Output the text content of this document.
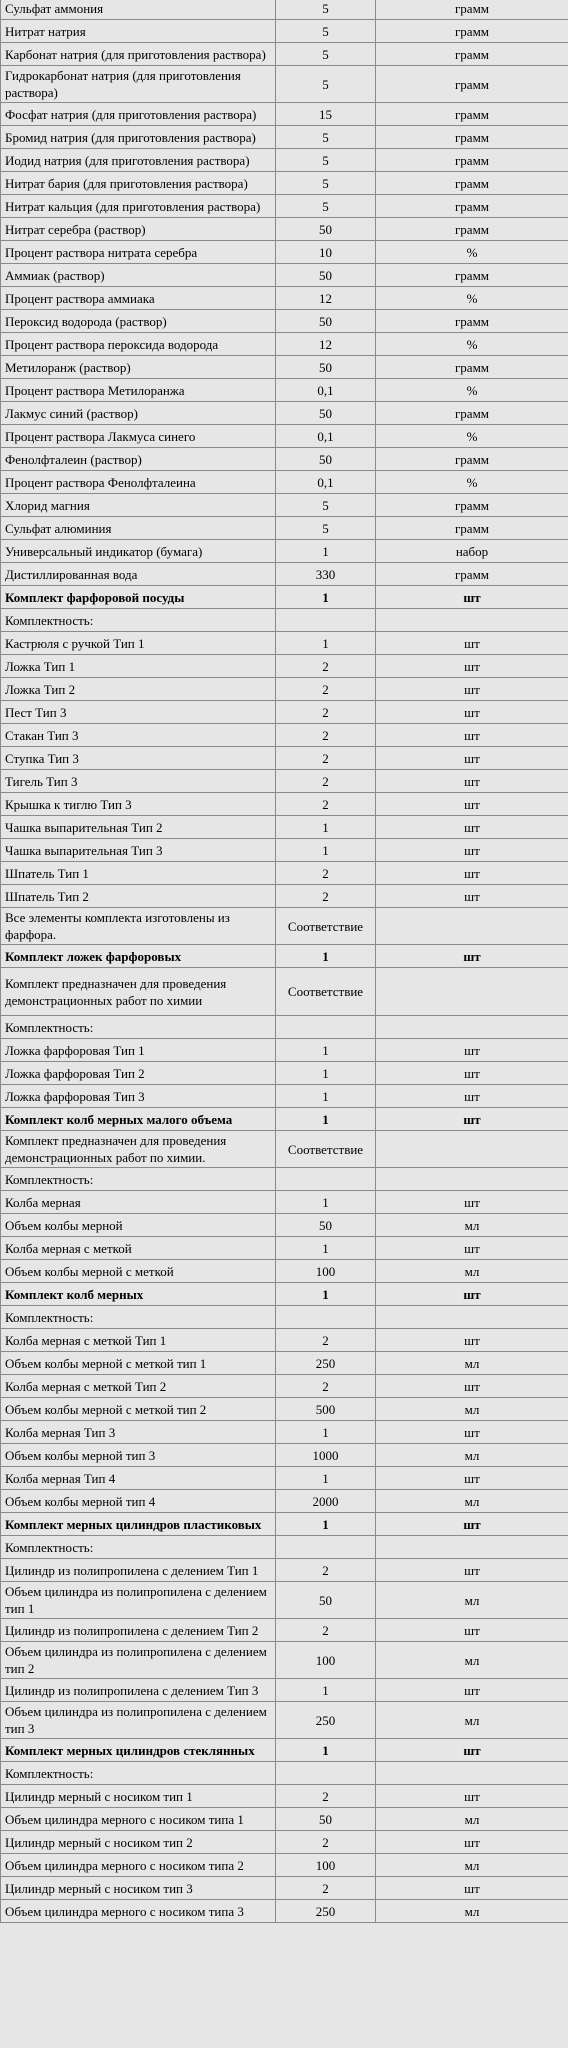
Сульфат аммония	5	грамм
Нитрат натрия	5	грамм
Карбонат натрия (для приготовления раствора)	5	грамм
Гидрокарбонат натрия (для приготовления раствора)	5	грамм
Фосфат натрия (для приготовления раствора)	15	грамм
Бромид натрия (для приготовления раствора)	5	грамм
Иодид натрия (для приготовления раствора)	5	грамм
Нитрат бария (для приготовления раствора)	5	грамм
Нитрат кальция (для приготовления раствора)	5	грамм
Нитрат серебра (раствор)	50	грамм
Процент раствора нитрата серебра	10	%
Аммиак (раствор)	50	грамм
Процент раствора аммиака	12	%
Пероксид водорода (раствор)	50	грамм
Процент раствора пероксида водорода	12	%
Метилоранж (раствор)	50	грамм
Процент раствора Метилоранжа	0,1	%
Лакмус синий (раствор)	50	грамм
Процент раствора Лакмуса синего	0,1	%
Фенолфталеин (раствор)	50	грамм
Процент раствора Фенолфталеина	0,1	%
Хлорид магния	5	грамм
Сульфат алюминия	5	грамм
Универсальный индикатор (бумага)	1	набор
Дистиллированная вода	330	грамм
Комплект фарфоровой посуды	1	шт
Комплектность:		
Кастрюля с ручкой Тип 1	1	шт
Ложка Тип 1	2	шт
Ложка Тип 2	2	шт
Пест Тип 3	2	шт
Стакан Тип 3	2	шт
Ступка Тип 3	2	шт
Тигель Тип 3	2	шт
Крышка к тиглю Тип 3	2	шт
Чашка выпарительная Тип 2	1	шт
Чашка выпарительная Тип 3	1	шт
Шпатель Тип 1	2	шт
Шпатель Тип 2	2	шт
Все элементы комплекта изготовлены из фарфора.	Соответствие	
Комплект ложек фарфоровых	1	шт
Комплект предназначен для проведения демонстрационных работ по химии	Соответствие	
Комплектность:		
Ложка фарфоровая Тип 1	1	шт
Ложка фарфоровая Тип 2	1	шт
Ложка фарфоровая Тип 3	1	шт
Комплект колб мерных малого объема	1	шт
Комплект предназначен для проведения демонстрационных работ по химии.	Соответствие	
Комплектность:		
Колба мерная	1	шт
Объем колбы мерной	50	мл
Колба мерная с меткой	1	шт
Объем колбы мерной с меткой	100	мл
Комплект колб мерных	1	шт
Комплектность:		
Колба мерная с меткой Тип 1	2	шт
Объем колбы мерной с меткой тип 1	250	мл
Колба мерная с меткой Тип 2	2	шт
Объем колбы мерной с меткой тип 2	500	мл
Колба мерная Тип 3	1	шт
Объем колбы мерной тип 3	1000	мл
Колба мерная Тип 4	1	шт
Объем колбы мерной тип 4	2000	мл
Комплект мерных цилиндров пластиковых	1	шт
Комплектность:		
Цилиндр из полипропилена с делением Тип 1	2	шт
Объем цилиндра из полипропилена с делением тип 1	50	мл
Цилиндр из полипропилена с делением Тип 2	2	шт
Объем цилиндра из полипропилена с делением тип 2	100	мл
Цилиндр из полипропилена с делением Тип 3	1	шт
Объем цилиндра из полипропилена с делением тип 3	250	мл
Комплект мерных цилиндров стеклянных	1	шт
Комплектность:		
Цилиндр мерный с носиком тип 1	2	шт
Объем цилиндра мерного с носиком типа 1	50	мл
Цилиндр мерный с носиком тип 2	2	шт
Объем цилиндра мерного с носиком типа 2	100	мл
Цилиндр мерный с носиком тип 3	2	шт
Объем цилиндра мерного с носиком типа 3	250	мл
